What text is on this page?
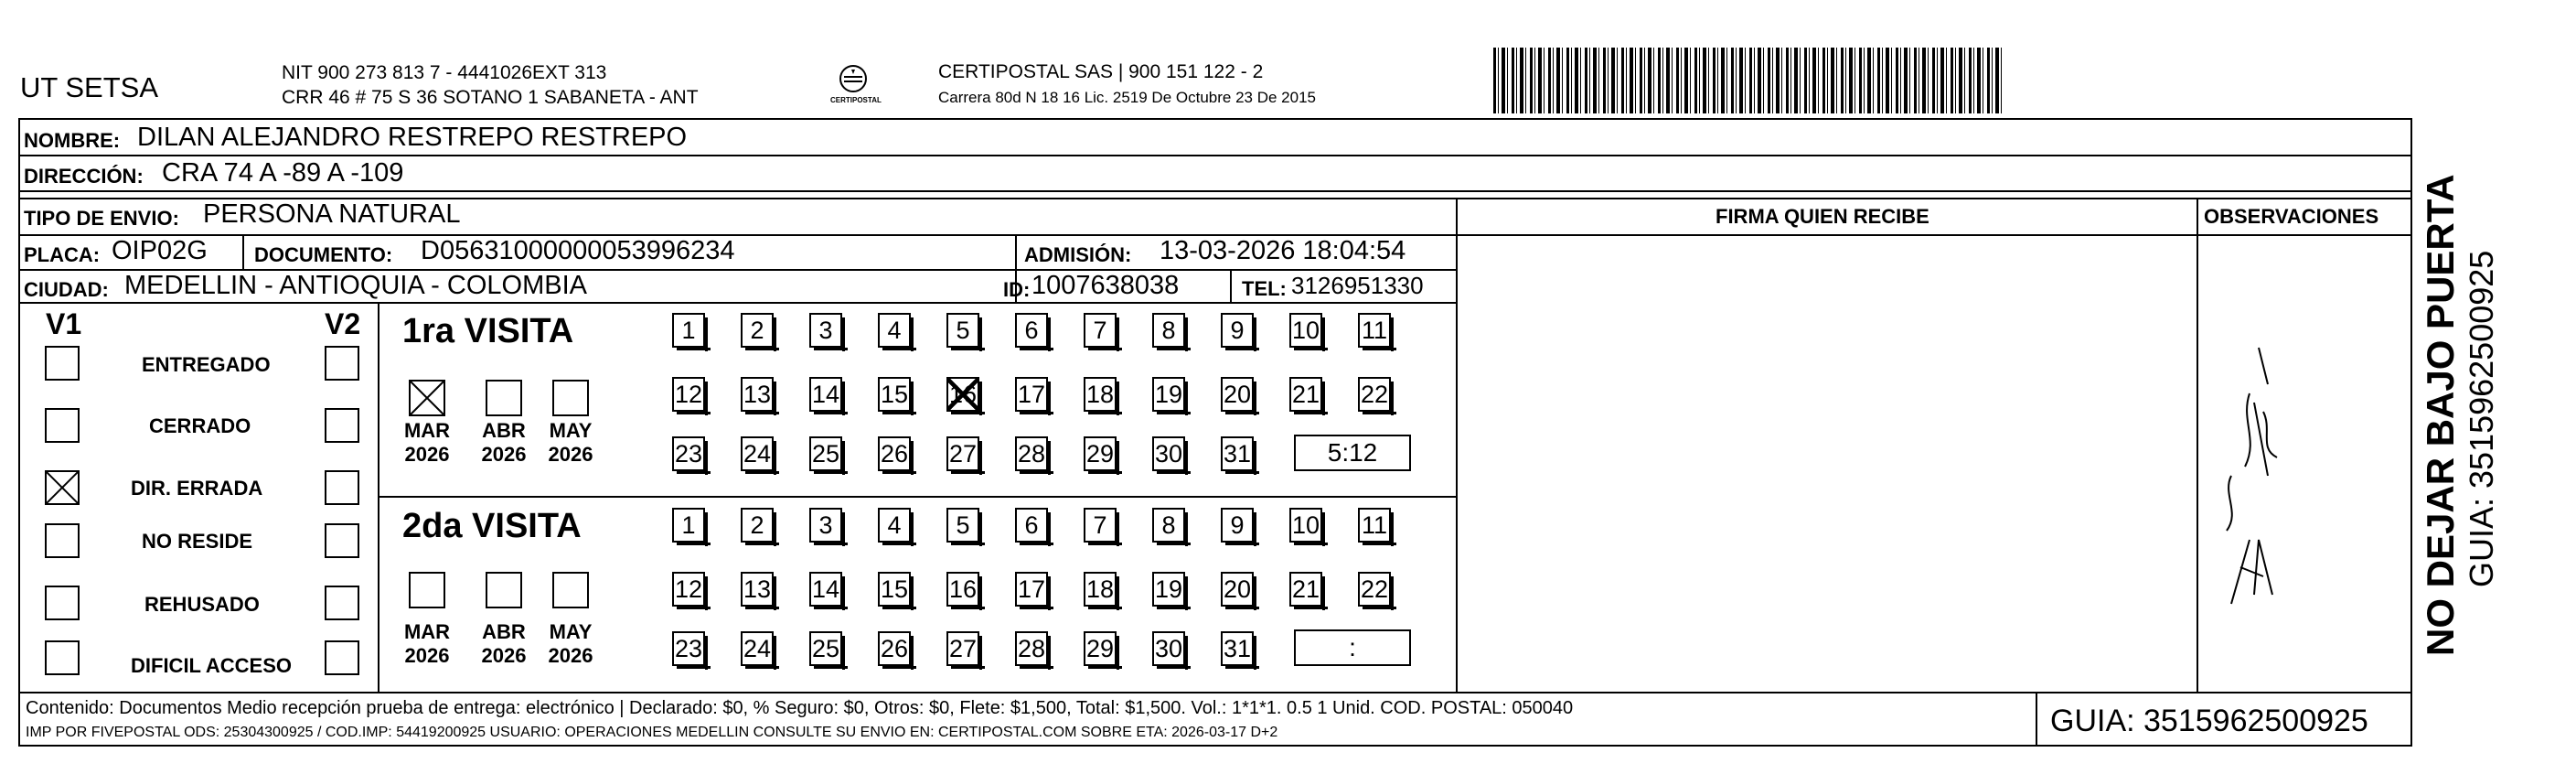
UT SETSA	NIT 900 273 813 7 - 4441026EXT 313
CRR 46 # 75 S 36 SOTANO 1 SABANETA - ANT	CERTIPOSTAL
CERTIPOSTAL SAS | 900 151 122 - 2
Carrera 80d N 18 16 Lic. 2519 De Octubre 23 De 2015
NOMBRE: DILAN ALEJANDRO RESTREPO RESTREPO
DIRECCIÓN: CRA 74 A -89 A -109
TIPO DE ENVIO: PERSONA NATURAL
PLACA: OIP02G DOCUMENTO: D05631000000053996234	ADMISIÓN: 13-03-2026 18:04:54
CIUDAD: MEDELLIN - ANTIOQUIA - COLOMBIA	ID: 1007638038	TEL: 3126951330
FIRMA QUIEN RECIBE	OBSERVACIONES
V1	V2
ENTREGADO
CERRADO
DIR. ERRADA
NO RESIDE
REHUSADO
DIFICIL ACCESO
1ra VISITA
MAR
2026
ABR
2026
MAY
2026
1	2	3	4	5	6	7	8	9	10 11
12 13 14 15 16 17 18 19 20 21 22
23 24 25 26 27 28 29 30 31	5:12
2da VISITA
MAR
2026
ABR
2026
MAY
2026
1	2	3	4	5	6	7	8	9	10 11
12 13 14 15 16 17 18 19 20 21 22
23 24 25 26 27 28 29 30 31	:
Contenido: Documentos Medio recepción prueba de entrega: electrónico | Declarado: $0, % Seguro: $0, Otros: $0, Flete: $1,500, Total: $1,500. Vol.: 1*1*1. 0.5 1 Unid. COD. POSTAL: 050040
IMP POR FIVEPOSTAL ODS: 25304300925 / COD.IMP: 54419200925 USUARIO: OPERACIONES MEDELLIN CONSULTE SU ENVIO EN: CERTIPOSTAL.COM SOBRE ETA: 2026-03-17 D+2	GUIA: 3515962500925
NO DEJAR BAJO PUERTA GUIA: 3515962500925
